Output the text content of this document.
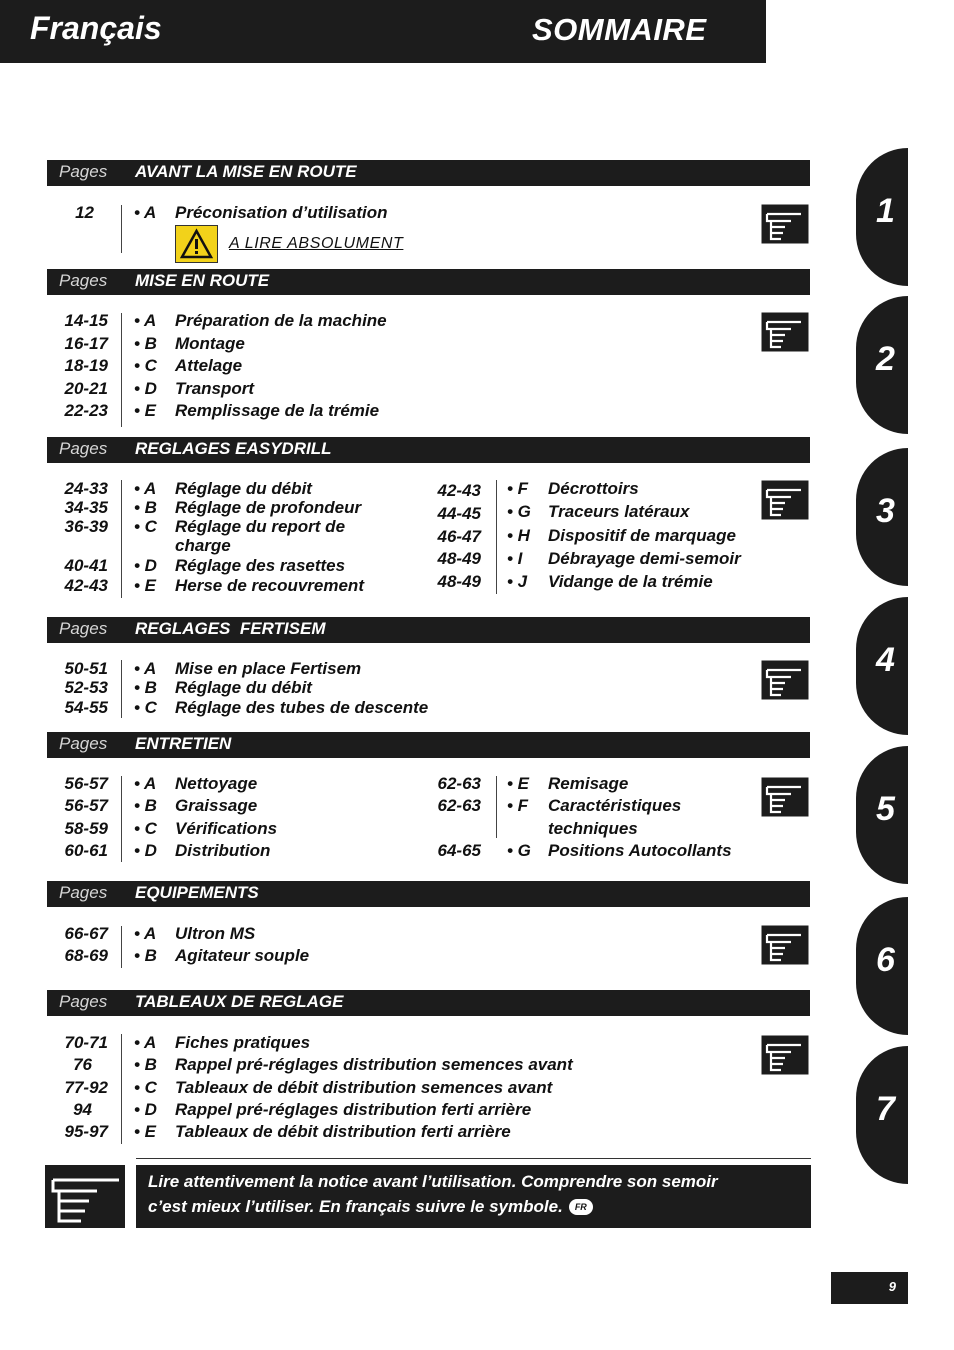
Français	SOMMAIRE
1
2
3
4
5
6
7
Pages AVANT LA MISE EN ROUTE
12 • A Préconisation d’utilisation
A LIRE ABSOLUMENT
Pages MISE EN ROUTE
14-15 • A Préparation de la machine
16-17 • B Montage
18-19 • C Attelage
20-21 • D Transport
22-23 • E Remplissage de la trémie
Pages REGLAGES EASYDRILL
24-33 • A Réglage du débit
34-35 • B Réglage de profondeur
36-39 • C Réglage du report de
charge
40-41 • D Réglage des rasettes
42-43 • E Herse de recouvrement
42-43 • F Décrottoirs
44-45 • G Traceurs latéraux
46-47 • H Dispositif de marquage
48-49 • I Débrayage demi-semoir
48-49 • J Vidange de la trémie
Pages REGLAGES  FERTISEM
50-51 • A Mise en place Fertisem
52-53 • B Réglage du débit
54-55 • C Réglage des tubes de descente
Pages ENTRETIEN
56-57 • A Nettoyage
56-57 • B Graissage
58-59 • C Vérifications
60-61 • D Distribution
62-63 • E Remisage
62-63 • F Caractéristiques
techniques
64-65 • G Positions Autocollants
Pages EQUIPEMENTS
66-67 • A Ultron MS
68-69 • B Agitateur souple
Pages TABLEAUX DE REGLAGE
70-71 • A Fiches pratiques
76 • B Rappel pré-réglages distribution semences avant
77-92 • C Tableaux de débit distribution semences avant
94 • D Rappel pré-réglages distribution ferti arrière
95-97 • E Tableaux de débit distribution ferti arrière
Lire attentivement la notice avant l’utilisation. Comprendre son semoir
c’est mieux l’utiliser. En français suivre le symbole. FR
9
